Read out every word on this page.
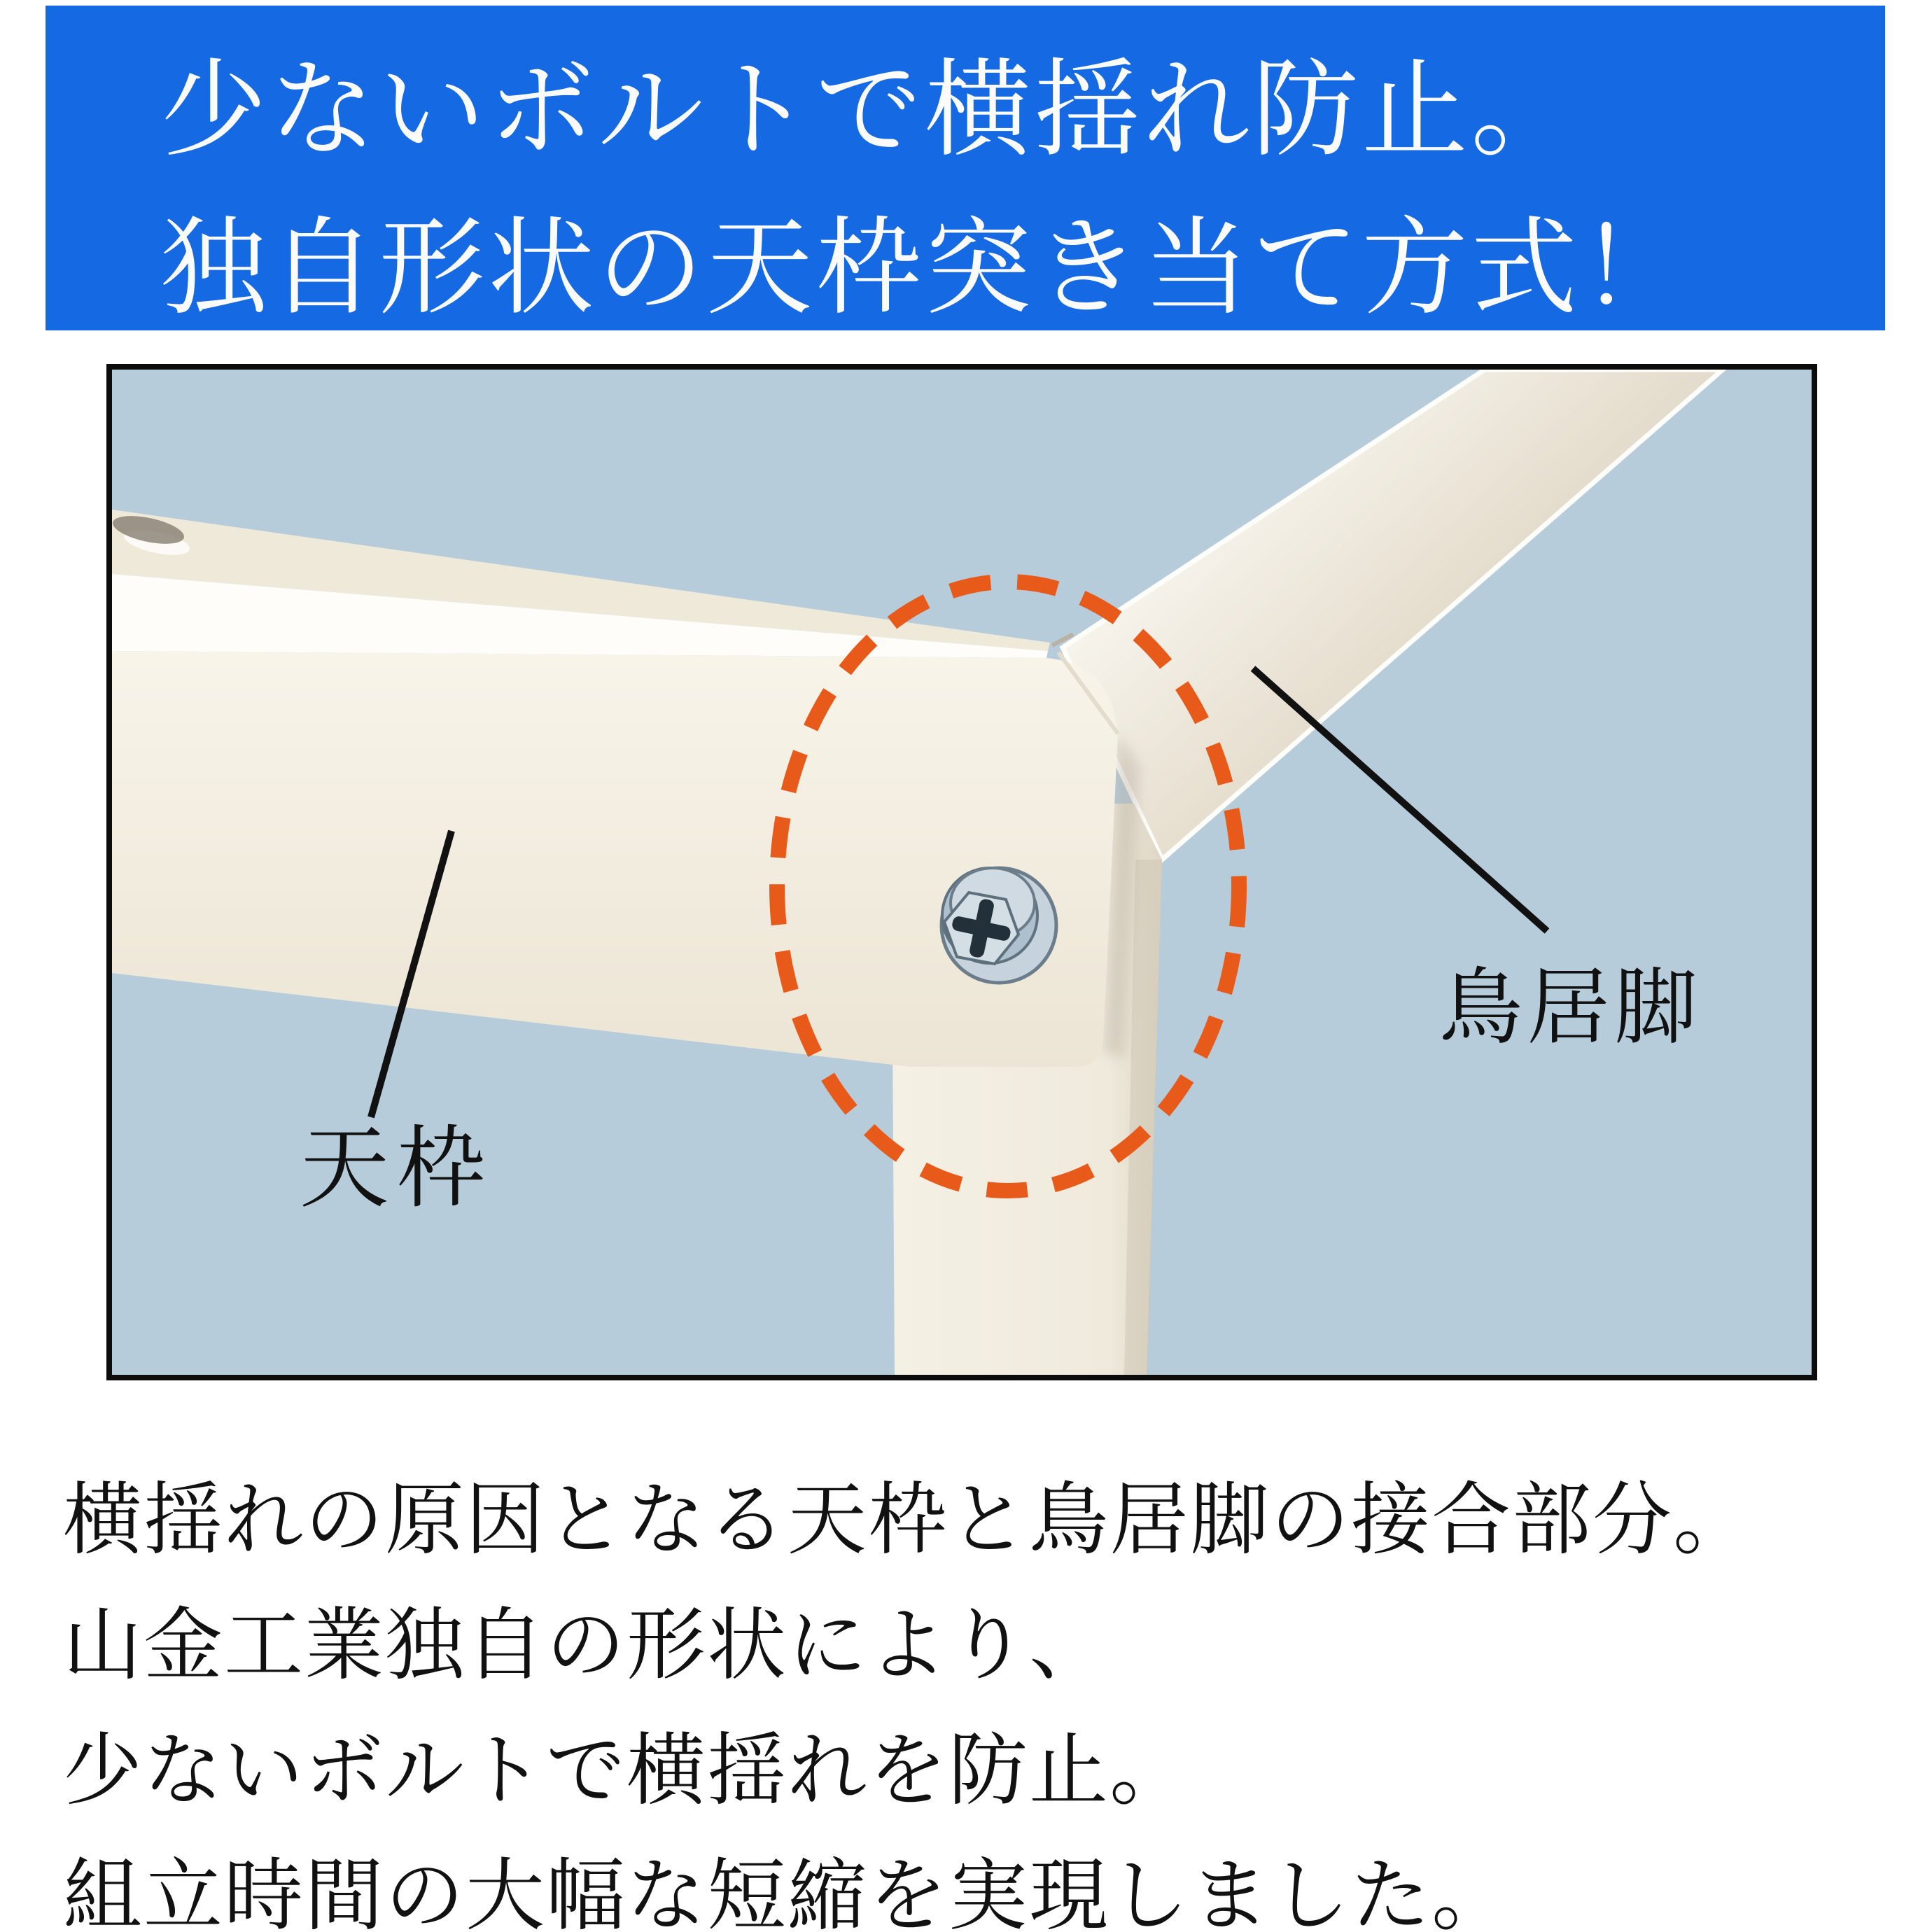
少ないボルトで横揺れ防止。
独自形状の天枠突き当て方式！
天枠
鳥居脚
横揺れの原因となる天枠と鳥居脚の接合部分。
山金工業独自の形状により、
少ないボルトで横揺れを防止。
組立時間の大幅な短縮を実現しました。
